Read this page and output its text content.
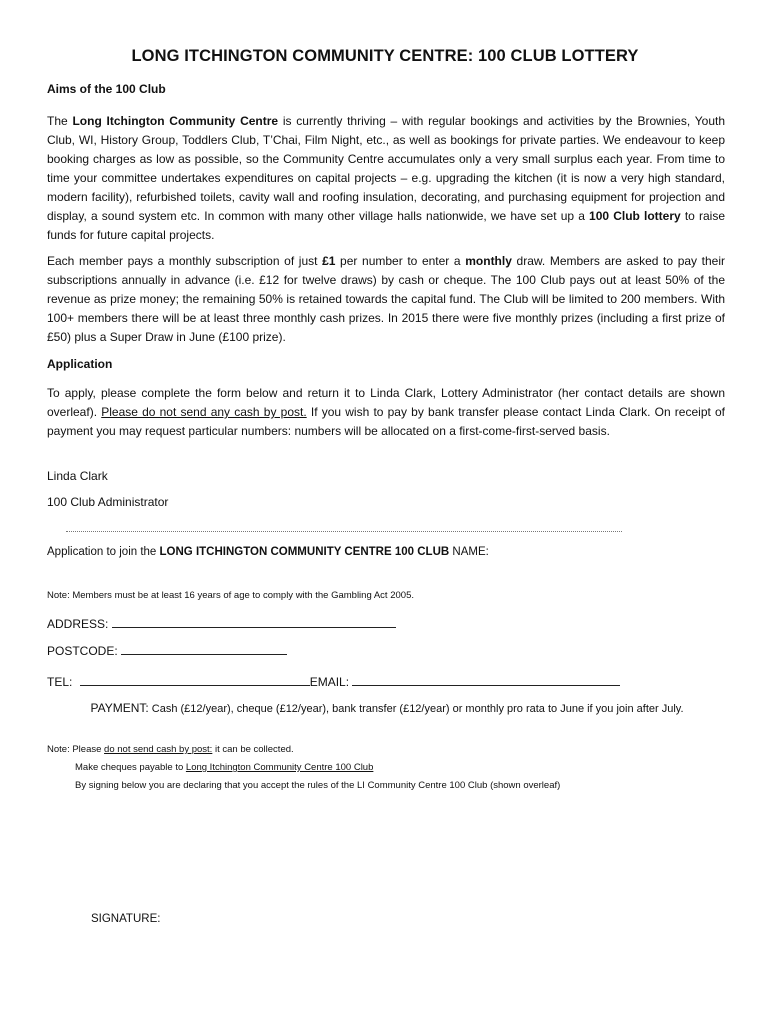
LONG ITCHINGTON COMMUNITY CENTRE: 100 CLUB LOTTERY
Aims of the 100 Club
The Long Itchington Community Centre is currently thriving – with regular bookings and activities by the Brownies, Youth Club, WI, History Group, Toddlers Club, T’Chai, Film Night, etc., as well as bookings for private parties. We endeavour to keep booking charges as low as possible, so the Community Centre accumulates only a very small surplus each year. From time to time your committee undertakes expenditures on capital projects – e.g. upgrading the kitchen (it is now a very high standard, modern facility), refurbished toilets, cavity wall and roofing insulation, decorating, and purchasing equipment for projection and display, a sound system etc. In common with many other village halls nationwide, we have set up a 100 Club lottery to raise funds for future capital projects.
Each member pays a monthly subscription of just £1 per number to enter a monthly draw. Members are asked to pay their subscriptions annually in advance (i.e. £12 for twelve draws) by cash or cheque. The 100 Club pays out at least 50% of the revenue as prize money; the remaining 50% is retained towards the capital fund. The Club will be limited to 200 members. With 100+ members there will be at least three monthly cash prizes. In 2015 there were five monthly prizes (including a first prize of £50) plus a Super Draw in June (£100 prize).
Application
To apply, please complete the form below and return it to Linda Clark, Lottery Administrator (her contact details are shown overleaf). Please do not send any cash by post. If you wish to pay by bank transfer please contact Linda Clark. On receipt of payment you may request particular numbers: numbers will be allocated on a first-come-first-served basis.
Linda Clark
100 Club Administrator
Application to join the LONG ITCHINGTON COMMUNITY CENTRE 100 CLUB NAME:
Note: Members must be at least 16 years of age to comply with the Gambling Act 2005.
ADDRESS:
POSTCODE:
TEL:	EMAIL:
PAYMENT: Cash (£12/year), cheque (£12/year), bank transfer (£12/year) or monthly pro rata to June if you join after July.
Note: Please do not send cash by post: it can be collected.
Make cheques payable to Long Itchington Community Centre 100 Club
By signing below you are declaring that you accept the rules of the LI Community Centre 100 Club (shown overleaf)
SIGNATURE:
